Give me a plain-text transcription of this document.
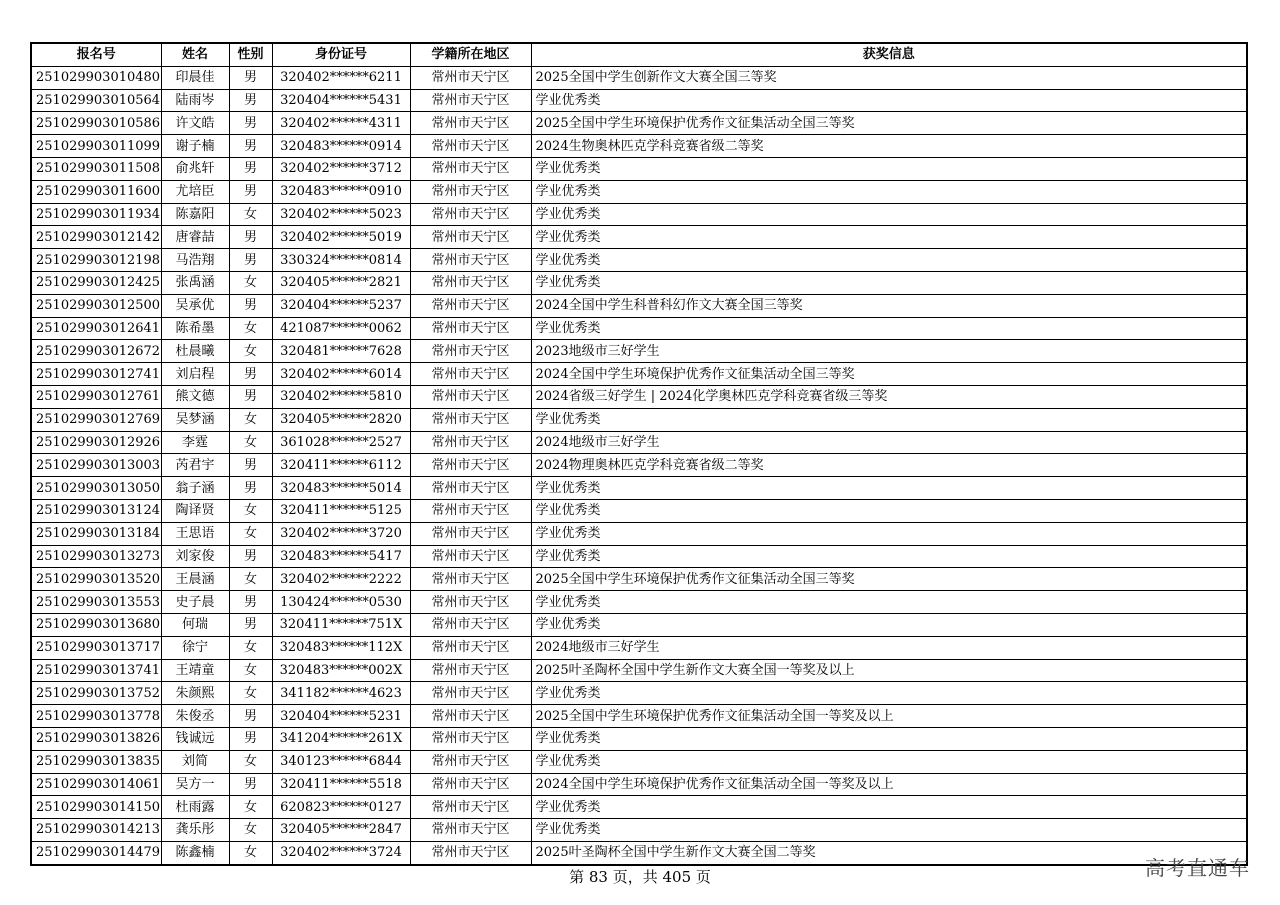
报名号	姓名	性别	身份证号	学籍所在地区	获奖信息
251029903010480	印晨佳	男	320402******6211	常州市天宁区	2025全国中学生创新作文大赛全国三等奖
251029903010564	陆雨岑	男	320404******5431	常州市天宁区	学业优秀类
251029903010586	许文皓	男	320402******4311	常州市天宁区	2025全国中学生环境保护优秀作文征集活动全国三等奖
251029903011099	谢子楠	男	320483******0914	常州市天宁区	2024生物奥林匹克学科竞赛省级二等奖
251029903011508	俞兆轩	男	320402******3712	常州市天宁区	学业优秀类
251029903011600	尤培臣	男	320483******0910	常州市天宁区	学业优秀类
251029903011934	陈嘉阳	女	320402******5023	常州市天宁区	学业优秀类
251029903012142	唐睿喆	男	320402******5019	常州市天宁区	学业优秀类
251029903012198	马浩翔	男	330324******0814	常州市天宁区	学业优秀类
251029903012425	张禹涵	女	320405******2821	常州市天宁区	学业优秀类
251029903012500	吴承优	男	320404******5237	常州市天宁区	2024全国中学生科普科幻作文大赛全国三等奖
251029903012641	陈希墨	女	421087******0062	常州市天宁区	学业优秀类
251029903012672	杜晨曦	女	320481******7628	常州市天宁区	2023地级市三好学生
251029903012741	刘启程	男	320402******6014	常州市天宁区	2024全国中学生环境保护优秀作文征集活动全国三等奖
251029903012761	熊文德	男	320402******5810	常州市天宁区	2024省级三好学生 | 2024化学奥林匹克学科竞赛省级三等奖
251029903012769	吴梦涵	女	320405******2820	常州市天宁区	学业优秀类
251029903012926	李霆	女	361028******2527	常州市天宁区	2024地级市三好学生
251029903013003	芮君宇	男	320411******6112	常州市天宁区	2024物理奥林匹克学科竞赛省级二等奖
251029903013050	翁子涵	男	320483******5014	常州市天宁区	学业优秀类
251029903013124	陶译贤	女	320411******5125	常州市天宁区	学业优秀类
251029903013184	王思语	女	320402******3720	常州市天宁区	学业优秀类
251029903013273	刘家俊	男	320483******5417	常州市天宁区	学业优秀类
251029903013520	王晨涵	女	320402******2222	常州市天宁区	2025全国中学生环境保护优秀作文征集活动全国三等奖
251029903013553	史子晨	男	130424******0530	常州市天宁区	学业优秀类
251029903013680	何瑞	男	320411******751X	常州市天宁区	学业优秀类
251029903013717	徐宁	女	320483******112X	常州市天宁区	2024地级市三好学生
251029903013741	王靖童	女	320483******002X	常州市天宁区	2025叶圣陶杯全国中学生新作文大赛全国一等奖及以上
251029903013752	朱颜熙	女	341182******4623	常州市天宁区	学业优秀类
251029903013778	朱俊丞	男	320404******5231	常州市天宁区	2025全国中学生环境保护优秀作文征集活动全国一等奖及以上
251029903013826	钱诚远	男	341204******261X	常州市天宁区	学业优秀类
251029903013835	刘简	女	340123******6844	常州市天宁区	学业优秀类
251029903014061	吴方一	男	320411******5518	常州市天宁区	2024全国中学生环境保护优秀作文征集活动全国一等奖及以上
251029903014150	杜雨露	女	620823******0127	常州市天宁区	学业优秀类
251029903014213	龚乐彤	女	320405******2847	常州市天宁区	学业优秀类
251029903014479	陈鑫楠	女	320402******3724	常州市天宁区	2025叶圣陶杯全国中学生新作文大赛全国二等奖
第 83 页，共 405 页	高考直通车
